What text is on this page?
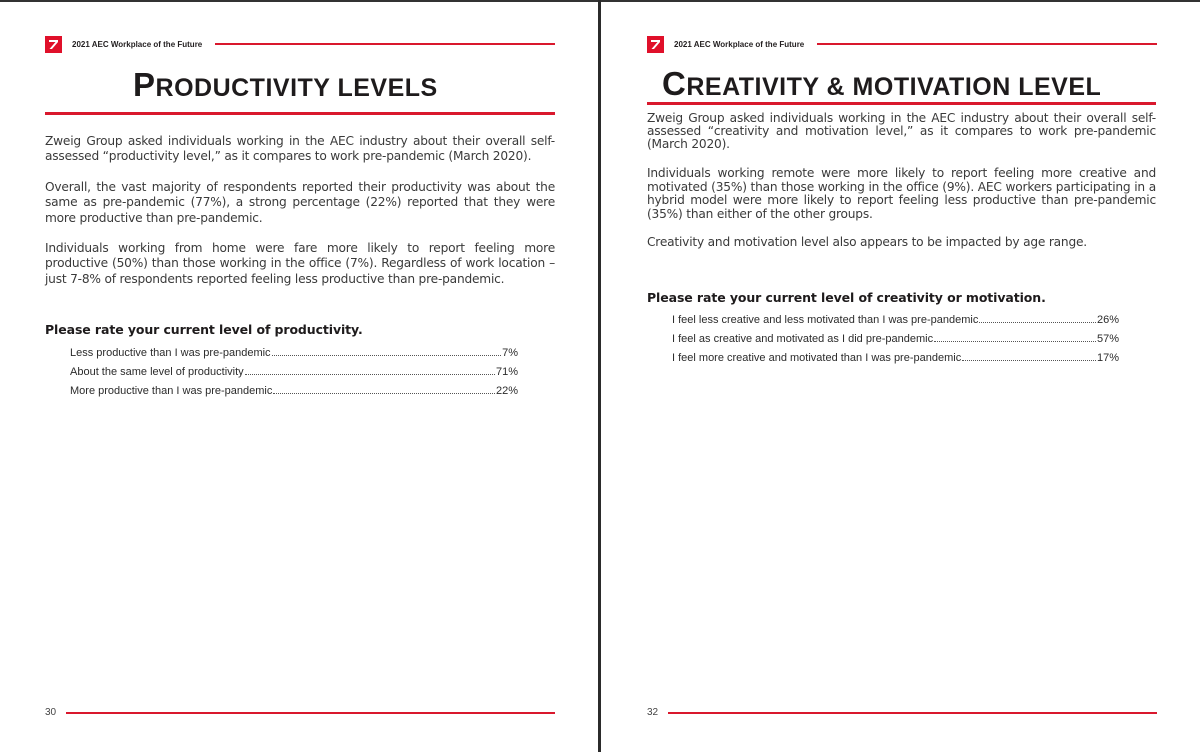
2021 AEC Workplace of the Future
PRODUCTIVITY LEVELS
Zweig Group asked individuals working in the AEC industry about their overall self-assessed “productivity level,” as it compares to work pre-pandemic (March 2020).
Overall, the vast majority of respondents reported their productivity was about the same as pre-pandemic (77%), a strong percentage (22%) reported that they were more productive than pre-pandemic.
Individuals working from home were fare more likely to report feeling more productive (50%) than those working in the office (7%). Regardless of work location – just 7-8% of respondents reported feeling less productive than pre-pandemic.
Please rate your current level of productivity.
Less productive than I was pre-pandemic	7%
About the same level of productivity	71%
More productive than I was pre-pandemic	22%
30
2021 AEC Workplace of the Future
CREATIVITY & MOTIVATION LEVEL
Zweig Group asked individuals working in the AEC industry about their overall self-assessed “creativity and motivation level,” as it compares to work pre-pandemic (March 2020).
Individuals working remote were more likely to report feeling more creative and motivated (35%) than those working in the office (9%). AEC workers participating in a hybrid model were more likely to report feeling less productive than pre-pandemic (35%) than either of the other groups.
Creativity and motivation level also appears to be impacted by age range.
Please rate your current level of creativity or motivation.
I feel less creative and less motivated than I was pre-pandemic	26%
I feel as creative and motivated as I did pre-pandemic	57%
I feel more creative and motivated than I was pre-pandemic	17%
32
